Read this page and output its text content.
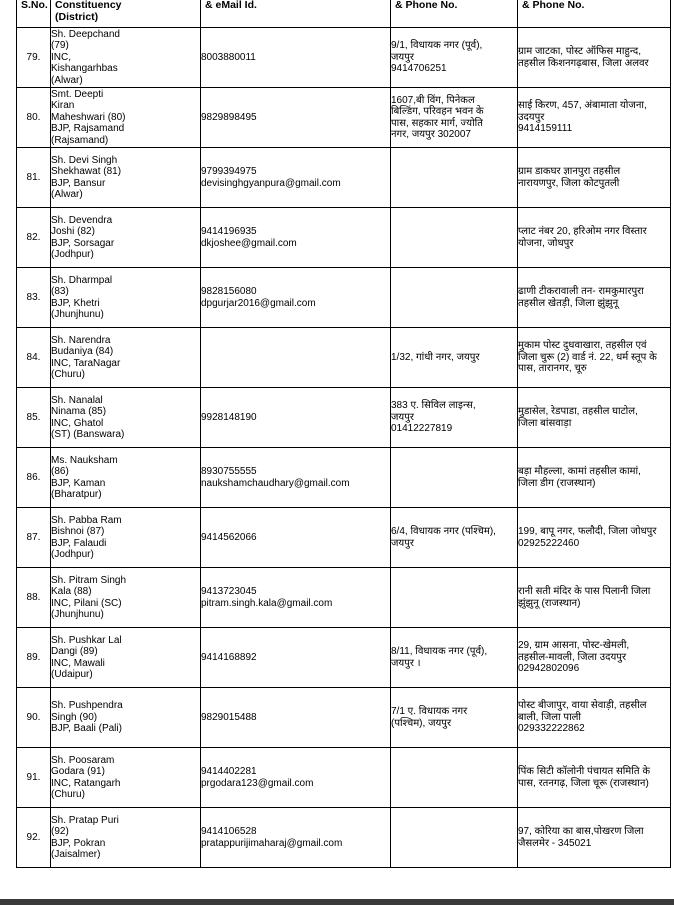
S.No.	Constituency
(District)	& eMail Id.	& Phone No.	& Phone No.

79.	Sh. Deepchand
(79)
INC,
Kishangarhbas
(Alwar)	8003880011	9/1, विधायक नगर (पूर्व),
जयपुर
9414706251	ग्राम जाटका, पोस्ट ऑफिस माहुन्द,
तहसील किशनगढ़बास, जिला अलवर

80.	Smt. Deepti
Kiran
Maheshwari (80)
BJP, Rajsamand
(Rajsamand)	9829898495	1607,बी विंग, पिनेकल
बिल्डिंग, परिवहन भवन के
पास, सहकार मार्ग, ज्योति
नगर, जयपुर 302007	साई किरण, 457, अंबामाता योजना,
उदयपुर
9414159111

81.	Sh. Devi Singh
Shekhawat (81)
BJP, Bansur
(Alwar)	9799394975
devisinghgyanpura@gmail.com		ग्राम डाकघर ज्ञानपुरा तहसील
नारायणपुर, जिला कोटपुतली

82.	Sh. Devendra
Joshi (82)
BJP, Sorsagar
(Jodhpur)	9414196935
dkjoshee@gmail.com		प्लाट नंबर 20, हरिओम नगर विस्तार
योजना, जोधपुर

83.	Sh. Dharmpal
(83)
BJP, Khetri
(Jhunjhunu)	9828156080
dpgurjar2016@gmail.com		ढाणी टीकरावाली तन- रामकुमारपुरा
तहसील खेतड़ी, जिला झुंझुनू

84.	Sh. Narendra
Budaniya (84)
INC, TaraNagar
(Churu)		1/32, गांधी नगर, जयपुर	मुकाम पोस्ट दुधवाखारा, तहसील एवं
जिला चुरू (2) वार्ड नं. 22, धर्म स्तूप के
पास, तारानगर, चूरु

85.	Sh. Nanalal
Ninama (85)
INC, Ghatol
(ST) (Banswara)	9928148190	383 ए. सिविल लाइन्स,
जयपुर
01412227819	मुडासेल, रेडपाडा, तहसील घाटोल,
जिला बांसवाड़ा

86.	Ms. Nauksham
(86)
BJP, Kaman
(Bharatpur)	8930755555
naukshamchaudhary@gmail.com		बड़ा मौहल्ला, कामां तहसील कामां,
जिला डीग (राजस्थान)

87.	Sh. Pabba Ram
Bishnoi (87)
BJP, Falaudi
(Jodhpur)	9414562066	6/4, विधायक नगर (पश्चिम),
जयपुर	199, बापू नगर, फलौदी, जिला जोधपुर
02925222460

88.	Sh. Pitram Singh
Kala (88)
INC, Pilani (SC)
(Jhunjhunu)	9413723045
pitram.singh.kala@gmail.com		रानी सती मंदिर के पास पिलानी जिला
झुंझुनू (राजस्थान)

89.	Sh. Pushkar Lal
Dangi (89)
INC, Mawali
(Udaipur)	9414168892	8/11, विधायक नगर (पूर्व),
जयपुर ।	29, ग्राम आसना, पोस्ट-खेमली,
तहसील-मावली, जिला उदयपुर
02942802096

90.	Sh. Pushpendra
Singh (90)
BJP, Baali (Pali)	9829015488	7/1 ए. विधायक नगर
(पश्चिम), जयपुर	पोस्ट बीजापुर, वाया सेवाड़ी, तहसील
बाली, जिला पाली
029332222862

91.	Sh. Poosaram
Godara (91)
INC, Ratangarh
(Churu)	9414402281
prgodara123@gmail.com		पिंक सिटी कॉलोनी पंचायत समिति के
पास, रतनगढ़, जिला चूरू (राजस्थान)

92.	Sh. Pratap Puri
(92)
BJP, Pokran
(Jaisalmer)	9414106528
pratappurijimaharaj@gmail.com		97, कोरिया का बास,पोखरण जिला
जैसलमेर - 345021
